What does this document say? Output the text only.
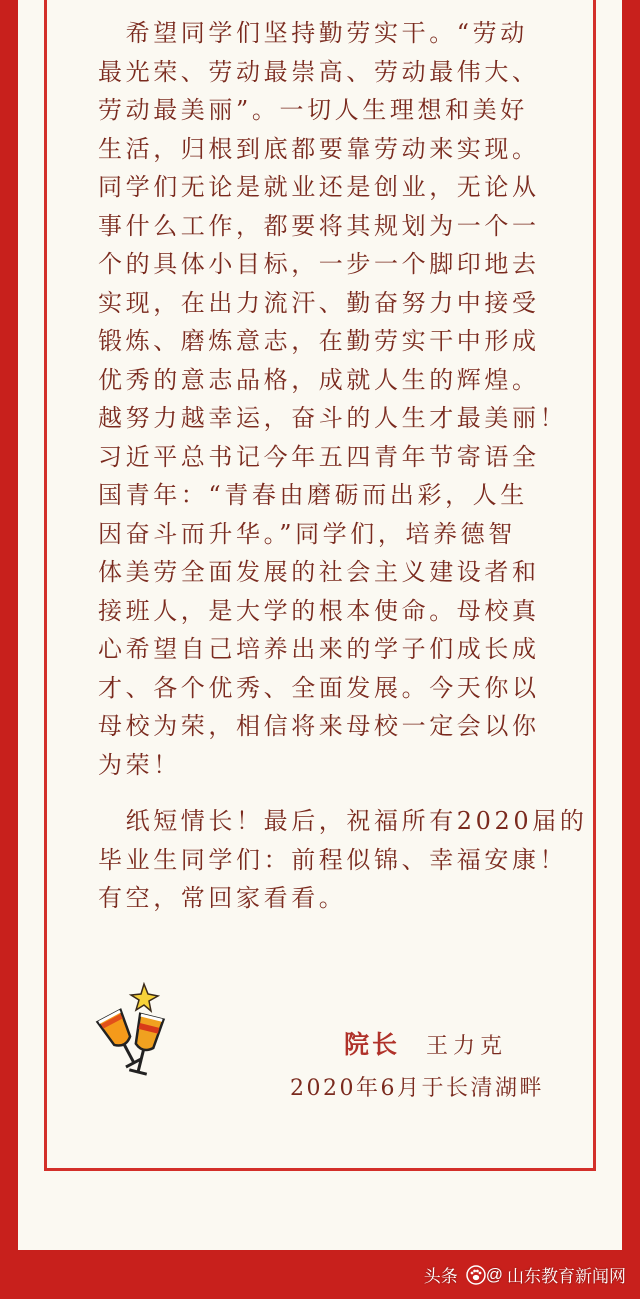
　希望同学们坚持勤劳实干。“劳动
最光荣、劳动最崇高、劳动最伟大、
劳动最美丽”。一切人生理想和美好
生活，归根到底都要靠劳动来实现。
同学们无论是就业还是创业，无论从
事什么工作，都要将其规划为一个一
个的具体小目标，一步一个脚印地去
实现，在出力流汗、勤奋努力中接受
锻炼、磨炼意志，在勤劳实干中形成
优秀的意志品格，成就人生的辉煌。
越努力越幸运，奋斗的人生才最美丽！
习近平总书记今年五四青年节寄语全
国青年：“青春由磨砺而出彩，人生
因奋斗而升华。”同学们，培养德智
体美劳全面发展的社会主义建设者和
接班人，是大学的根本使命。母校真
心希望自己培养出来的学子们成长成
才、各个优秀、全面发展。今天你以
母校为荣，相信将来母校一定会以你
为荣！
　纸短情长！最后，祝福所有2020届的
毕业生同学们：前程似锦、幸福安康！
有空，常回家看看。
院长 王力克
2020年6月于长清湖畔
头条 @ 山东教育新闻网
